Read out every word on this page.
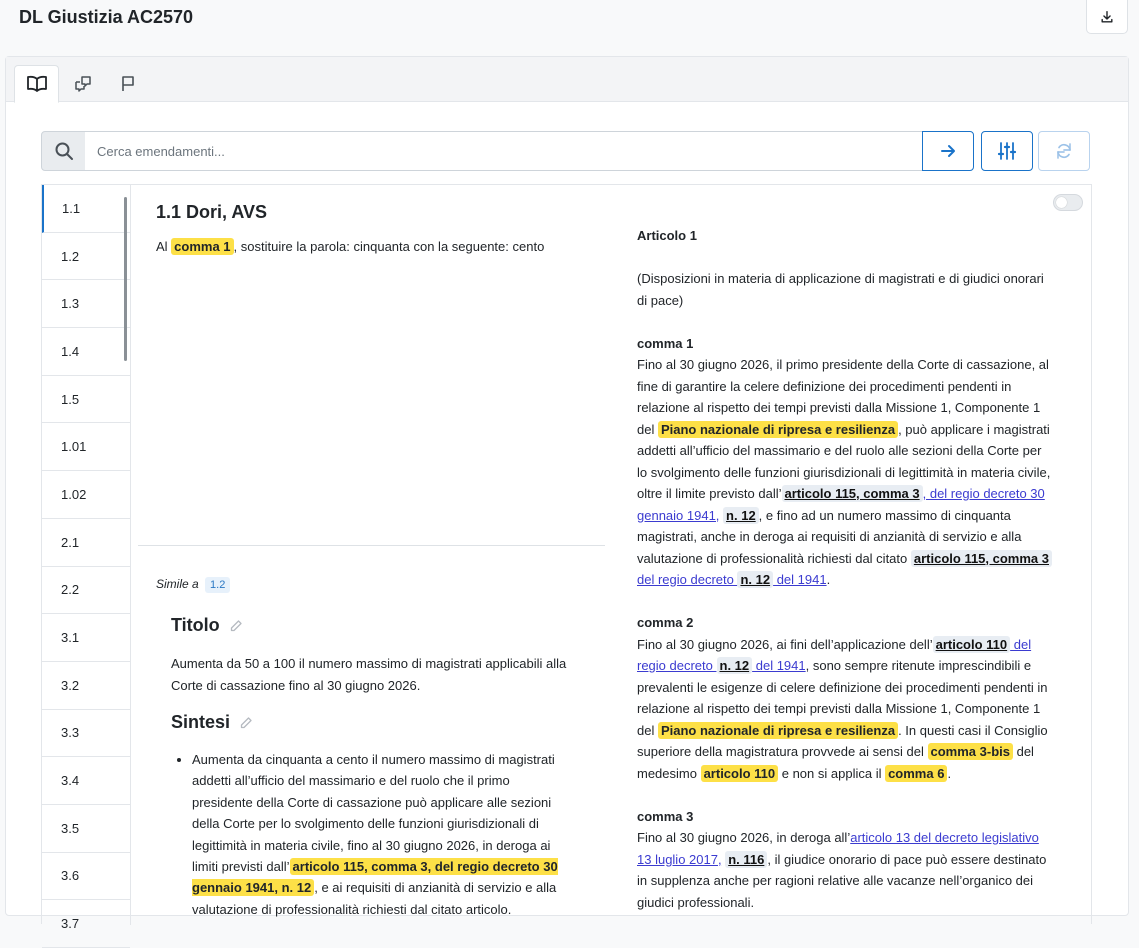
DL Giustizia AC2570
Cerca emendamenti...
1.1
1.2
1.3
1.4
1.5
1.01
1.02
2.1
2.2
3.1
3.2
3.3
3.4
3.5
3.6
3.7
1.1 Dori, AVS
Al comma 1 , sostituire la parola: cinquanta con la seguente: cento
Simile a 1.2
Titolo
Aumenta da 50 a 100 il numero massimo di magistrati applicabili alla Corte di cassazione fino al 30 giugno 2026.
Sintesi
• Aumenta da cinquanta a cento il numero massimo di magistrati addetti all’ufficio del massimario e del ruolo che il primo presidente della Corte di cassazione può applicare alle sezioni della Corte per lo svolgimento delle funzioni giurisdizionali di legittimità in materia civile, fino al 30 giugno 2026, in deroga ai limiti previsti dall’ articolo 115, comma 3, del regio decreto 30 gennaio 1941, n. 12 , e ai requisiti di anzianità di servizio e alla valutazione di professionalità richiesti dal citato articolo.

Articolo 1

(Disposizioni in materia di applicazione di magistrati e di giudici onorari di pace)

comma 1
Fino al 30 giugno 2026, il primo presidente della Corte di cassazione, al fine di garantire la celere definizione dei procedimenti pendenti in relazione al rispetto dei tempi previsti dalla Missione 1, Componente 1 del Piano nazionale di ripresa e resilienza , può applicare i magistrati addetti all’ufficio del massimario e del ruolo alle sezioni della Corte per lo svolgimento delle funzioni giurisdizionali di legittimità in materia civile, oltre il limite previsto dall’ articolo 115, comma 3 , del regio decreto 30 gennaio 1941, n. 12 , e fino ad un numero massimo di cinquanta magistrati, anche in deroga ai requisiti di anzianità di servizio e alla valutazione di professionalità richiesti dal citato articolo 115, comma 3 del regio decreto n. 12 del 1941.

comma 2
Fino al 30 giugno 2026, ai fini dell’applicazione dell’ articolo 110 del regio decreto n. 12 del 1941, sono sempre ritenute imprescindibili e prevalenti le esigenze di celere definizione dei procedimenti pendenti in relazione al rispetto dei tempi previsti dalla Missione 1, Componente 1 del Piano nazionale di ripresa e resilienza . In questi casi il Consiglio superiore della magistratura provvede ai sensi del comma 3-bis del medesimo articolo 110 e non si applica il comma 6 .

comma 3
Fino al 30 giugno 2026, in deroga all’articolo 13 del decreto legislativo 13 luglio 2017, n. 116 , il giudice onorario di pace può essere destinato in supplenza anche per ragioni relative alle vacanze nell’organico dei giudici professionali.
